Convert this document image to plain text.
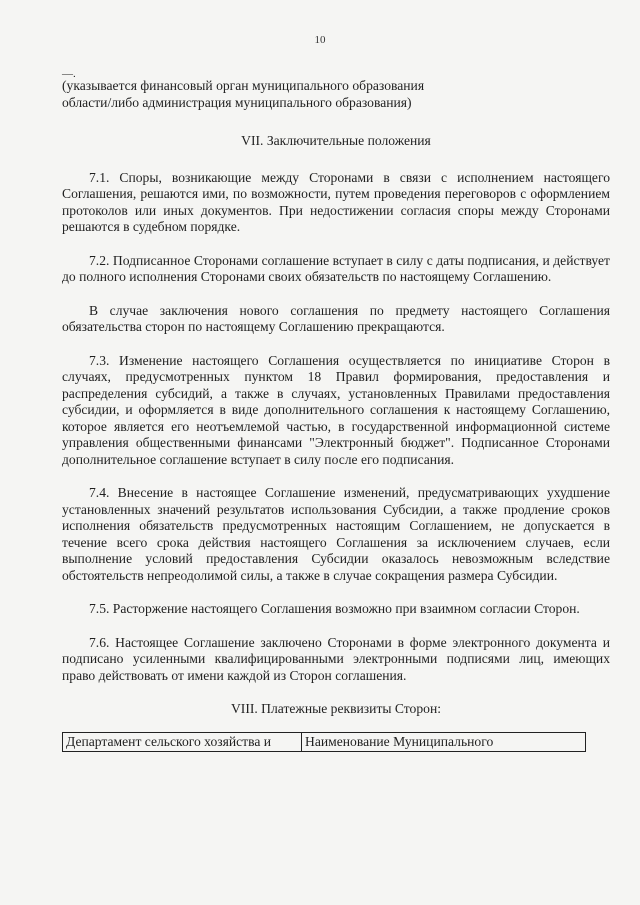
10
—.
(указывается финансовый орган муниципального образования
области/либо администрация муниципального образования)
VII. Заключительные положения

7.1. Споры, возникающие между Сторонами в связи с исполнением настоящего Соглашения, решаются ими, по возможности, путем проведения переговоров с оформлением протоколов или иных документов. При недостижении согласия споры между Сторонами решаются в судебном порядке.

7.2. Подписанное Сторонами соглашение вступает в силу с даты подписания, и действует до полного исполнения Сторонами своих обязательств по настоящему Соглашению.

В случае заключения нового соглашения по предмету настоящего Соглашения обязательства сторон по настоящему Соглашению прекращаются.

7.3. Изменение настоящего Соглашения осуществляется по инициативе Сторон в случаях, предусмотренных пунктом 18 Правил формирования, предоставления и распределения субсидий, а также в случаях, установленных Правилами предоставления субсидии, и оформляется в виде дополнительного соглашения к настоящему Соглашению, которое является его неотъемлемой частью, в государственной информационной системе управления общественными финансами "Электронный бюджет". Подписанное Сторонами дополнительное соглашение вступает в силу после его подписания.

7.4. Внесение в настоящее Соглашение изменений, предусматривающих ухудшение установленных значений результатов использования Субсидии, а также продление сроков исполнения обязательств предусмотренных настоящим Соглашением, не допускается в течение всего срока действия настоящего Соглашения за исключением случаев, если выполнение условий предоставления Субсидии оказалось невозможным вследствие обстоятельств непреодолимой силы, а также в случае сокращения размера Субсидии.

7.5. Расторжение настоящего Соглашения возможно при взаимном согласии Сторон.

7.6. Настоящее Соглашение заключено Сторонами в форме электронного документа и подписано усиленными квалифицированными электронными подписями лиц, имеющих право действовать от имени каждой из Сторон соглашения.

VIII. Платежные реквизиты Сторон:
Департамент сельского хозяйства и	Наименование Муниципального
